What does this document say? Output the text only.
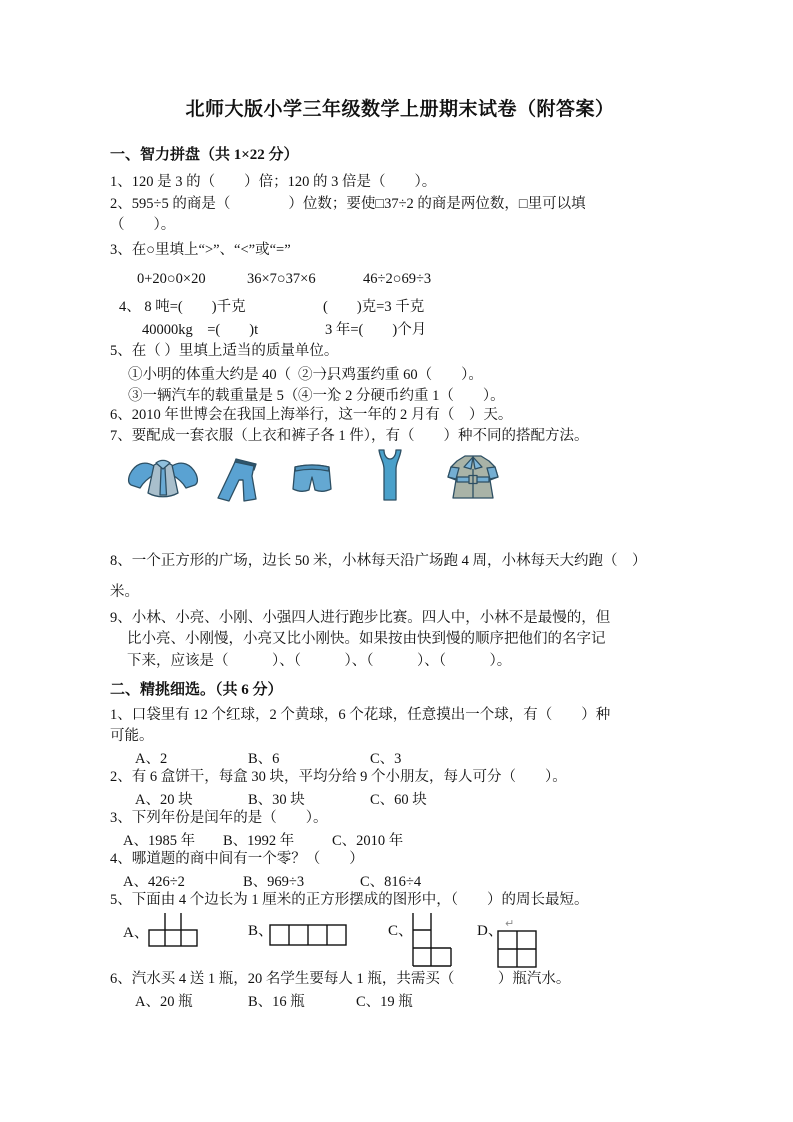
北师大版小学三年级数学上册期末试卷（附答案）
一、智力拼盘（共 1×22 分）
1、120 是 3 的（　　）倍；120 的 3 倍是（　　）。
2、595÷5 的商是（　　　　）位数；要使□37÷2 的商是两位数，□里可以填
（　　）。
3、在○里填上“>”、“<”或“=”
0+20○0×20	36×7○37×6	46÷2○69÷3
4、 8 吨=(　　)千克	(　　)克=3 千克
40000kg　=(　　)t	3 年=(　　)个月
5、在（ ）里填上适当的质量单位。
①小明的体重大约是 40（　　）。
②一只鸡蛋约重 60（　　）。
③一辆汽车的载重量是 5（　　）。
④一个 2 分硬币约重 1（　　）。
6、2010 年世博会在我国上海举行，这一年的 2 月有（　）天。
7、要配成一套衣服（上衣和裤子各 1 件），有（　　）种不同的搭配方法。
8、一个正方形的广场，边长 50 米，小林每天沿广场跑 4 周，小林每天大约跑（　）
米。
9、小林、小亮、小刚、小强四人进行跑步比赛。四人中，小林不是最慢的，但
比小亮、小刚慢，小亮又比小刚快。如果按由快到慢的顺序把他们的名字记
下来，应该是（　　　）、（　　　）、（　　　）、（　　　）。
二、精挑细选。（共 6 分）
1、口袋里有 12 个红球，2 个黄球，6 个花球，任意摸出一个球，有（　　）种
可能。
A、2	B、6	C、3
2、有 6 盒饼干，每盒 30 块，平均分给 9 个小朋友，每人可分（　　）。
A、20 块	B、30 块	C、60 块
3、下列年份是闰年的是（　　）。
A、1985 年 B、1992 年	C、2010 年
4、哪道题的商中间有一个零？（　　）
A、426÷2	B、969÷3	C、816÷4
5、下面由 4 个边长为 1 厘米的正方形摆成的图形中，（　　）的周长最短。
A、	B、	C、	D、 ↵
6、汽水买 4 送 1 瓶，20 名学生要每人 1 瓶，共需买（　　　）瓶汽水。
A、20 瓶	B、16 瓶	C、19 瓶
